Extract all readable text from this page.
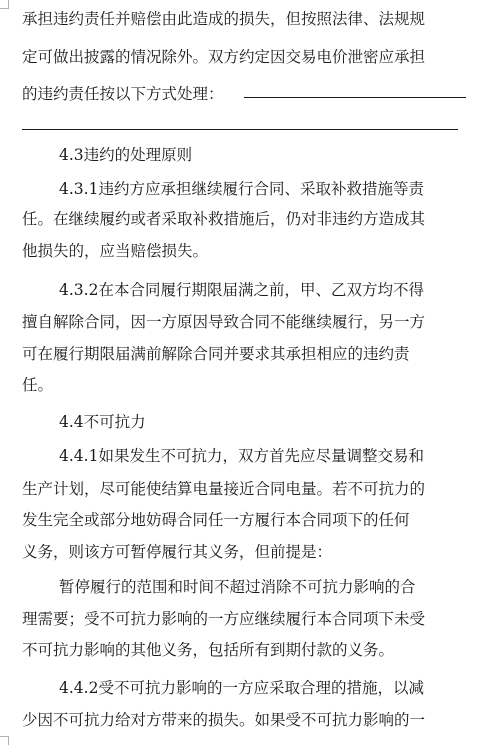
承担违约责任并赔偿由此造成的损失，但按照法律、法规规
定可做出披露的情况除外。双方约定因交易电价泄密应承担
的违约责任按以下方式处理：
4.3违约的处理原则
4.3.1违约方应承担继续履行合同、采取补救措施等责
任。在继续履约或者采取补救措施后，仍对非违约方造成其
他损失的，应当赔偿损失。
4.3.2在本合同履行期限届满之前，甲、乙双方均不得
擅自解除合同，因一方原因导致合同不能继续履行，另一方
可在履行期限届满前解除合同并要求其承担相应的违约责
任。
4.4不可抗力
4.4.1如果发生不可抗力，双方首先应尽量调整交易和
生产计划，尽可能使结算电量接近合同电量。若不可抗力的
发生完全或部分地妨碍合同任一方履行本合同项下的任何
义务，则该方可暂停履行其义务，但前提是：
暂停履行的范围和时间不超过消除不可抗力影响的合
理需要；受不可抗力影响的一方应继续履行本合同项下未受
不可抗力影响的其他义务，包括所有到期付款的义务。
4.4.2受不可抗力影响的一方应采取合理的措施，以减
少因不可抗力给对方带来的损失。如果受不可抗力影响的一
